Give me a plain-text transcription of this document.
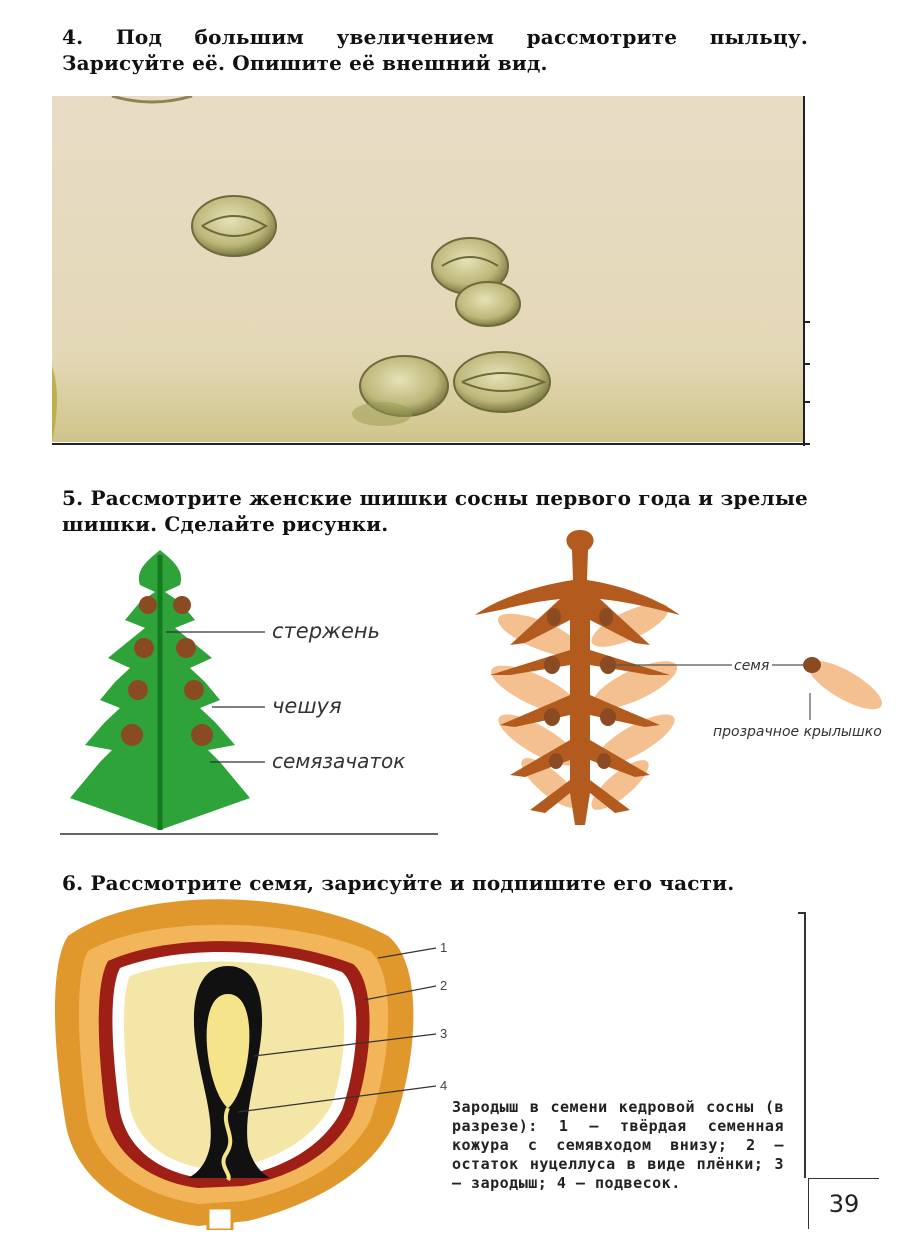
4. Под большим увеличением рассмотрите пыльцу. Зарисуйте её. Опишите её внешний вид.
5. Рассмотрите женские шишки сосны первого года и зрелые шишки. Сделайте рисунки.
6. Рассмотрите семя, зарисуйте и подпишите его части.
стержень
чешуя
семязачаток
семя
прозрачное крылышко
1
2
3
4
Зародыш в семени кедровой сосны (в разрезе): 1 — твёрдая семенная кожура с семявходом внизу; 2 — остаток нуцеллуса в виде плёнки; 3 — зародыш; 4 — подвесок.
39
